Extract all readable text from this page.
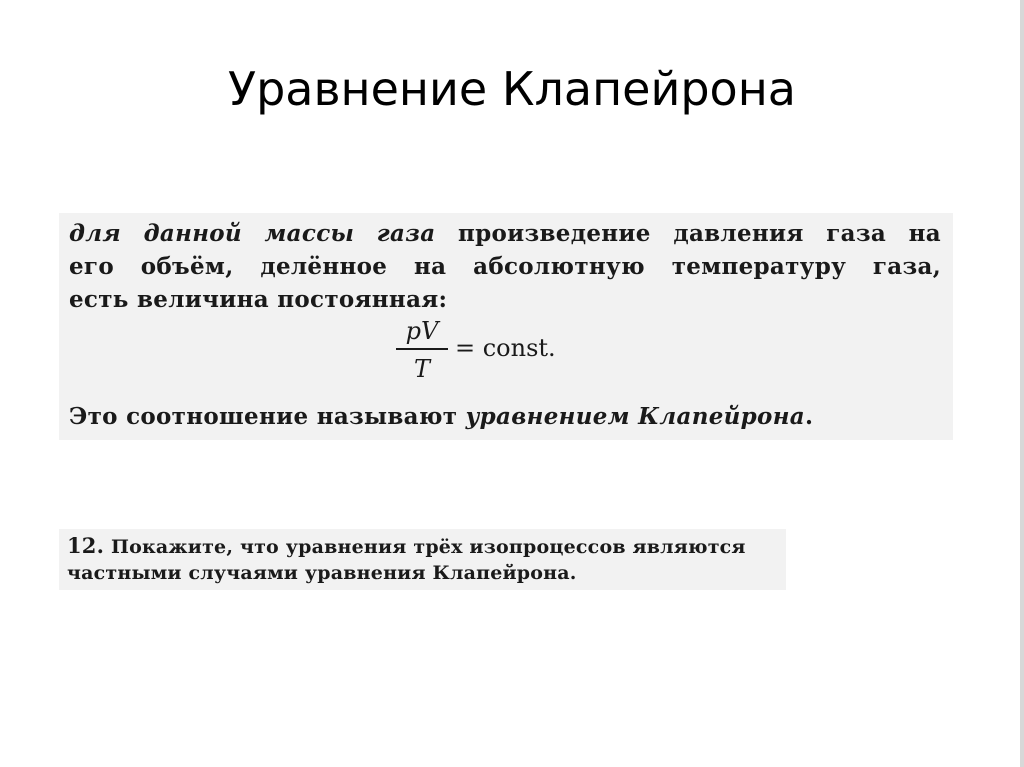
Уравнение Клапейрона
для данной массы газа произведение давления газа на
его объём, делённое на абсолютную температуру газа,
есть величина постоянная:
pV
T
= const.
Это соотношение называют уравнением Клапейрона.
12. Покажите, что уравнения трёх изопроцессов являются
частными случаями уравнения Клапейрона.
